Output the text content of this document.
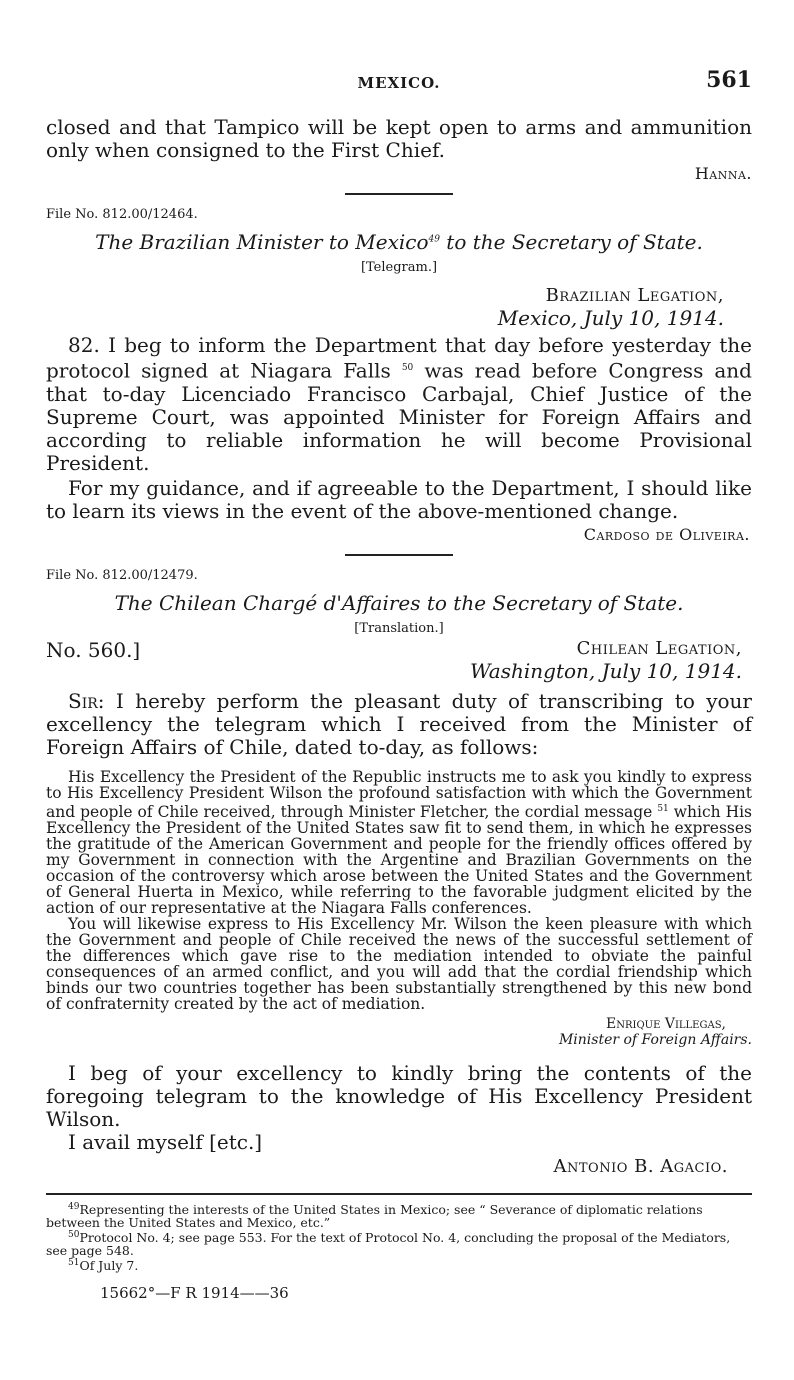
MEXICO.	561

closed and that Tampico will be kept open to arms and ammunition only when consigned to the First Chief.

Hanna.
File No. 812.00/12464.
The Brazilian Minister to Mexico$^{49}$ to the Secretary of State.
[Telegram.]
Brazilian Legation,
Mexico, July 10, 1914.

82. I beg to inform the Department that day before yesterday the protocol signed at Niagara Falls $^{50}$ was read before Congress and that to-day Licenciado Francisco Carbajal, Chief Justice of the Supreme Court, was appointed Minister for Foreign Affairs and according to reliable information he will become Provisional President.

For my guidance, and if agreeable to the Department, I should like to learn its views in the event of the above-mentioned change.

Cardoso de Oliveira.
File No. 812.00/12479.
The Chilean Chargé d'Affaires to the Secretary of State.
[Translation.]
No. 560.]	Chilean Legation,
Washington, July 10, 1914.

Sir: I hereby perform the pleasant duty of transcribing to your excellency the telegram which I received from the Minister of Foreign Affairs of Chile, dated to-day, as follows:

His Excellency the President of the Republic instructs me to ask you kindly to express to His Excellency President Wilson the profound satisfaction with which the Government and people of Chile received, through Minister Fletcher, the cordial message $^{51}$ which His Excellency the President of the United States saw fit to send them, in which he expresses the gratitude of the American Government and people for the friendly offices offered by my Government in connection with the Argentine and Brazilian Governments on the occasion of the controversy which arose between the United States and the Government of General Huerta in Mexico, while referring to the favorable judgment elicited by the action of our representative at the Niagara Falls conferences.

You will likewise express to His Excellency Mr. Wilson the keen pleasure with which the Government and people of Chile received the news of the successful settlement of the differences which gave rise to the mediation intended to obviate the painful consequences of an armed conflict, and you will add that the cordial friendship which binds our two countries together has been substantially strengthened by this new bond of confraternity created by the act of mediation.

Enrique Villegas,
Minister of Foreign Affairs.

I beg of your excellency to kindly bring the contents of the foregoing telegram to the knowledge of His Excellency President Wilson.

I avail myself [etc.]

Antonio B. Agacio.
$^{49}$Representing the interests of the United States in Mexico; see “ Severance of diplomatic relations between the United States and Mexico, etc.”
$^{50}$Protocol No. 4; see page 553. For the text of Protocol No. 4, concluding the proposal of the Mediators, see page 548.
$^{51}$Of July 7.
15662°—F R 1914——36
